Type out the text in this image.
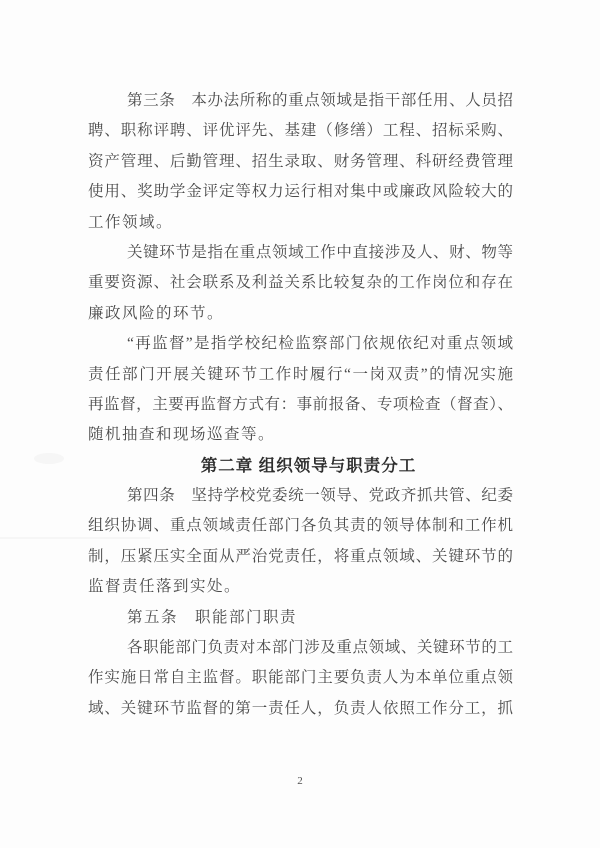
第三条　本办法所称的重点领域是指干部任用、人员招
聘、职称评聘、评优评先、基建（修缮）工程、招标采购、
资产管理、后勤管理、招生录取、财务管理、科研经费管理
使用、奖助学金评定等权力运行相对集中或廉政风险较大的
工作领域。
关键环节是指在重点领域工作中直接涉及人、财、物等
重要资源、社会联系及利益关系比较复杂的工作岗位和存在
廉政风险的环节。
“再监督”是指学校纪检监察部门依规依纪对重点领域
责任部门开展关键环节工作时履行“一岗双责”的情况实施
再监督，主要再监督方式有：事前报备、专项检查（督查）、
随机抽查和现场巡查等。
第二章 组织领导与职责分工
第四条　坚持学校党委统一领导、党政齐抓共管、纪委
组织协调、重点领域责任部门各负其责的领导体制和工作机
制，压紧压实全面从严治党责任，将重点领域、关键环节的
监督责任落到实处。
第五条　职能部门职责
各职能部门负责对本部门涉及重点领域、关键环节的工
作实施日常自主监督。职能部门主要负责人为本单位重点领
域、关键环节监督的第一责任人，负责人依照工作分工，抓
2
